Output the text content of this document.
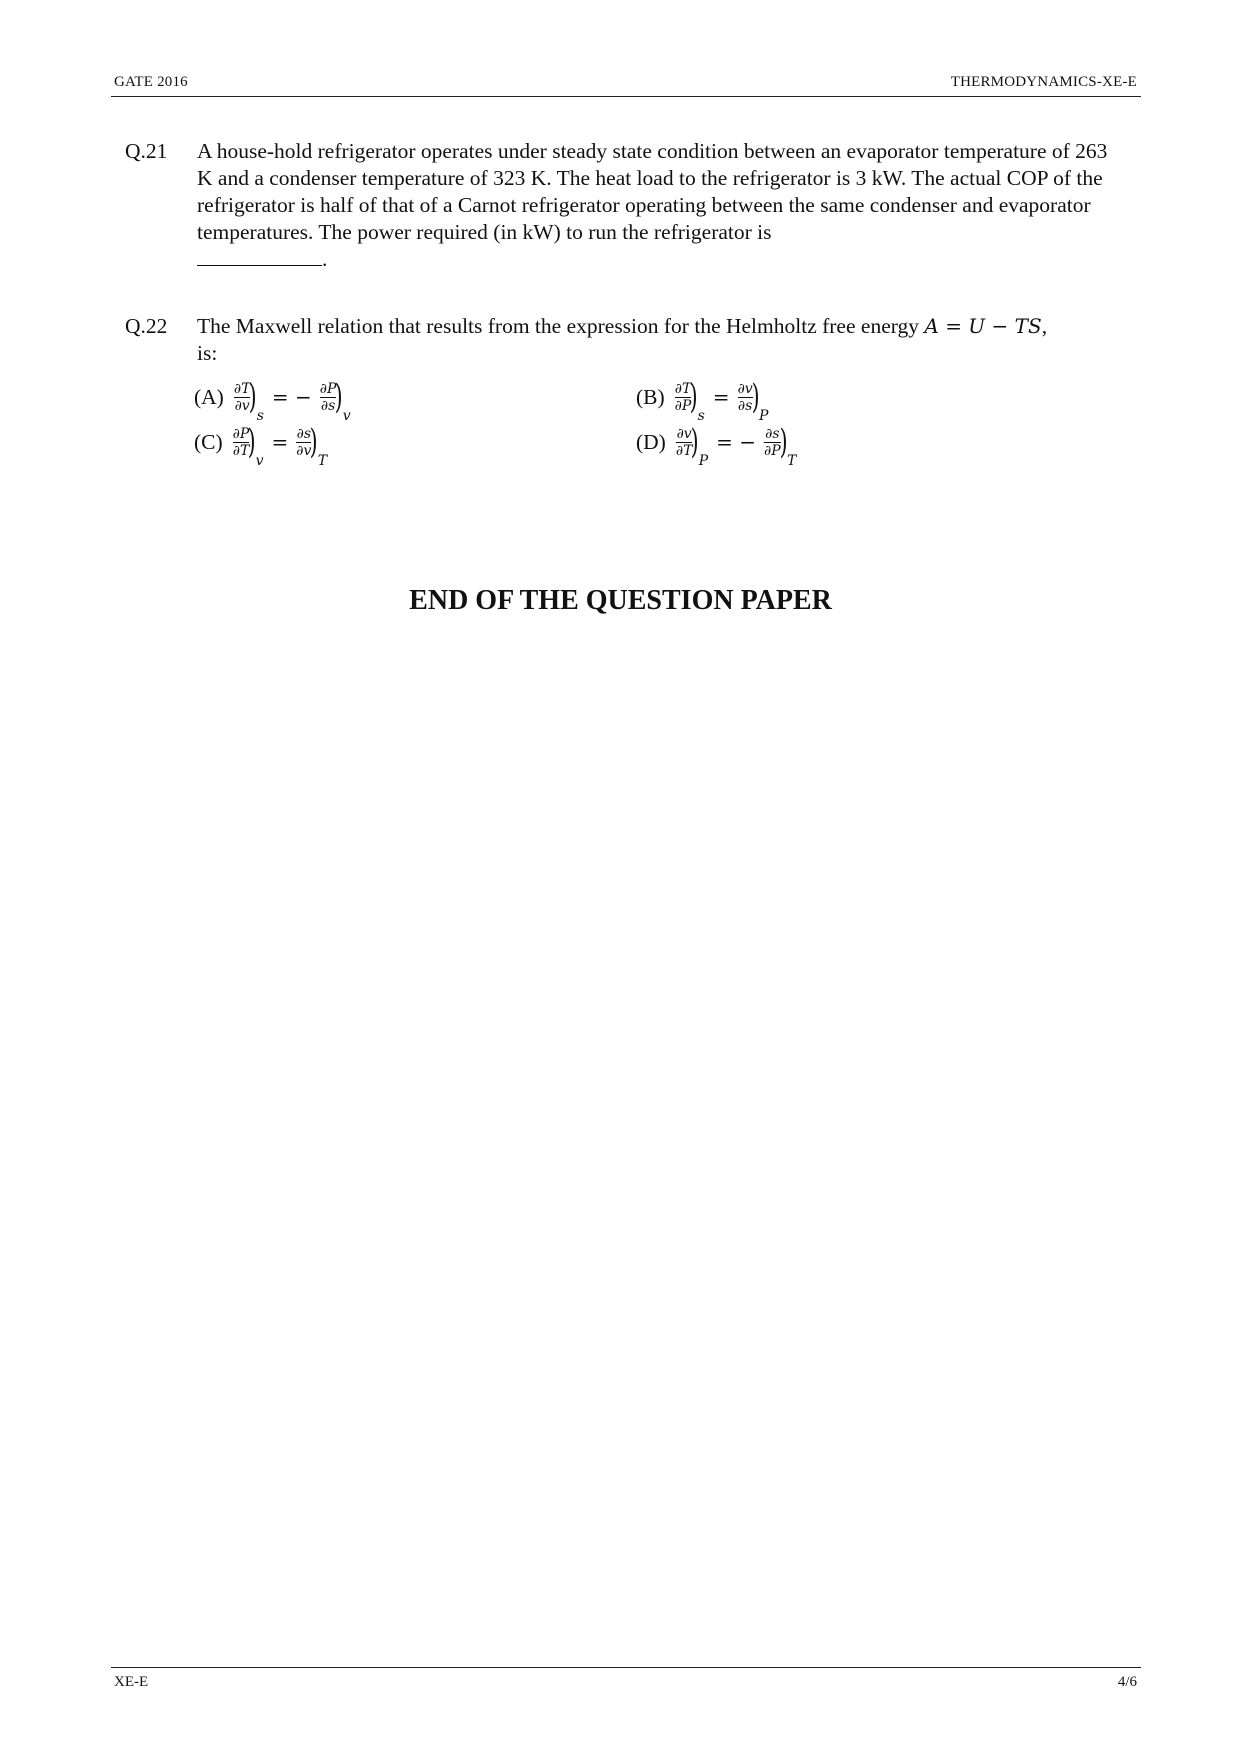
GATE 2016	THERMODYNAMICS-XE-E
Q.21 A house-hold refrigerator operates under steady state condition between an evaporator temperature of 263 K and a condenser temperature of 323 K. The heat load to the refrigerator is 3 kW. The actual COP of the refrigerator is half of that of a Carnot refrigerator operating between the same condenser and evaporator temperatures. The power required (in kW) to run the refrigerator is
.
Q.22 The Maxwell relation that results from the expression for the Helmholtz free energy A = U − TS,
is:
$(A) \frac{\partial T}{\partial v}$
) s
= − $\frac{\partial P}{\partial s}$
) v
$(B) \frac{\partial T}{\partial P}$
) s
= $\frac{\partial v}{\partial s}$
) P
$(C) \frac{\partial P}{\partial T}$
) v
= $\frac{\partial s}{\partial v}$
) T
$(D) \frac{\partial v}{\partial T}$
) P
= − $\frac{\partial s}{\partial P}$
) T
END OF THE QUESTION PAPER
XE-E	4/6
